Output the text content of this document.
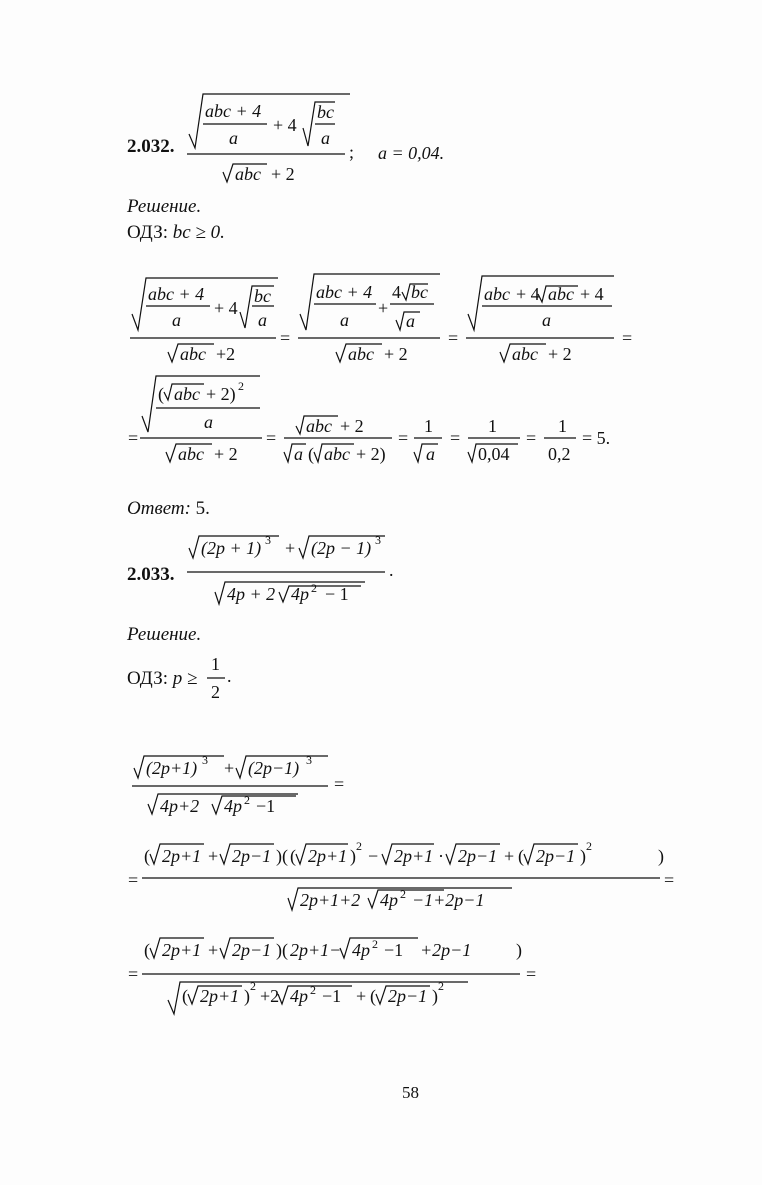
2.032.
abc + 4
a
+ 4
bc
a
;
abc + 2
a = 0,04.
Решение.
ОДЗ: bc ≥ 0.
abc + 4
a
+ 4
bc
a
abc +2
=
abc + 4
a
+
4 bc
a
abc + 2
=
abc + 4 abc + 4
a
abc + 2
=
=
( abc + 2) 2
a
abc + 2
=
abc + 2
a ( abc + 2)
=
1
a
=
1
0,04
=
1
0,2
= 5.
Ответ: 5.
2.033.
(2p + 1) 3 + (2p − 1) 3
.
4p + 2 4p 2 − 1
Решение.
ОДЗ: p ≥
1
2
.
(2p+1) 3 + (2p−1) 3
=
4p+2 4p 2 −1
=
( 2p+1 + 2p−1 )( ( 2p+1 ) 2 − 2p+1 · 2p−1 + ( 2p−1 ) 2	)
=
2p+1+2 4p 2 −1+2p−1
=
( 2p+1 + 2p−1 )( 2p+1− 4p 2 −1 +2p−1 )
=
( 2p+1 ) 2 +2 4p 2 −1 + ( 2p−1 ) 2
58
